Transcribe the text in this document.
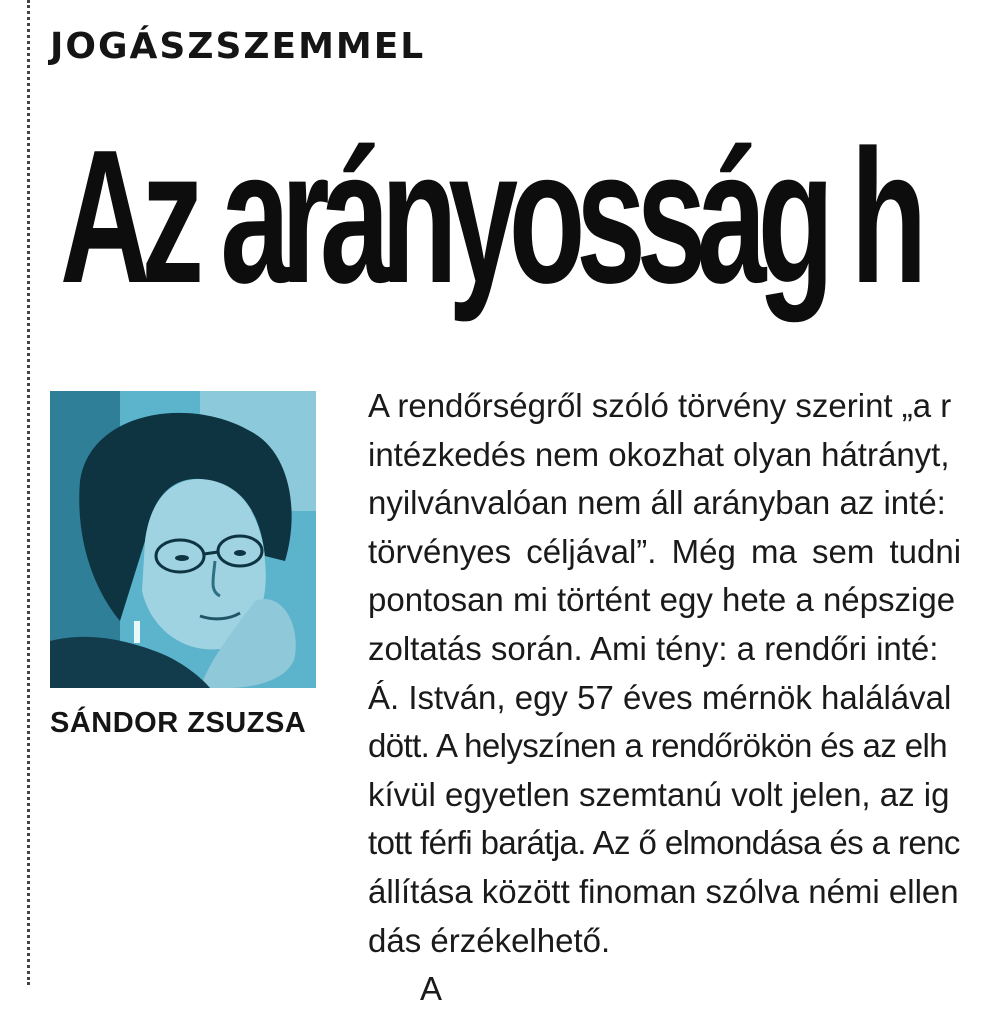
JOGÁSZSZEMMEL
Az arányosság h
SÁNDOR ZSUZSA
A rendőrségről szóló törvény szerint „a r
intézkedés nem okozhat olyan hátrányt,
nyilvánvalóan nem áll arányban az inté:
törvényes céljával”. Még ma sem tudni
pontosan mi történt egy hete a népszige
zoltatás során. Ami tény: a rendőri inté:
Á. István, egy 57 éves mérnök halálával
dött. A helyszínen a rendőrökön és az elh
kívül egyetlen szemtanú volt jelen, az ig
tott férfi barátja. Az ő elmondása és a renc
állítása között finoman szólva némi ellen
dás érzékelhető.
A
